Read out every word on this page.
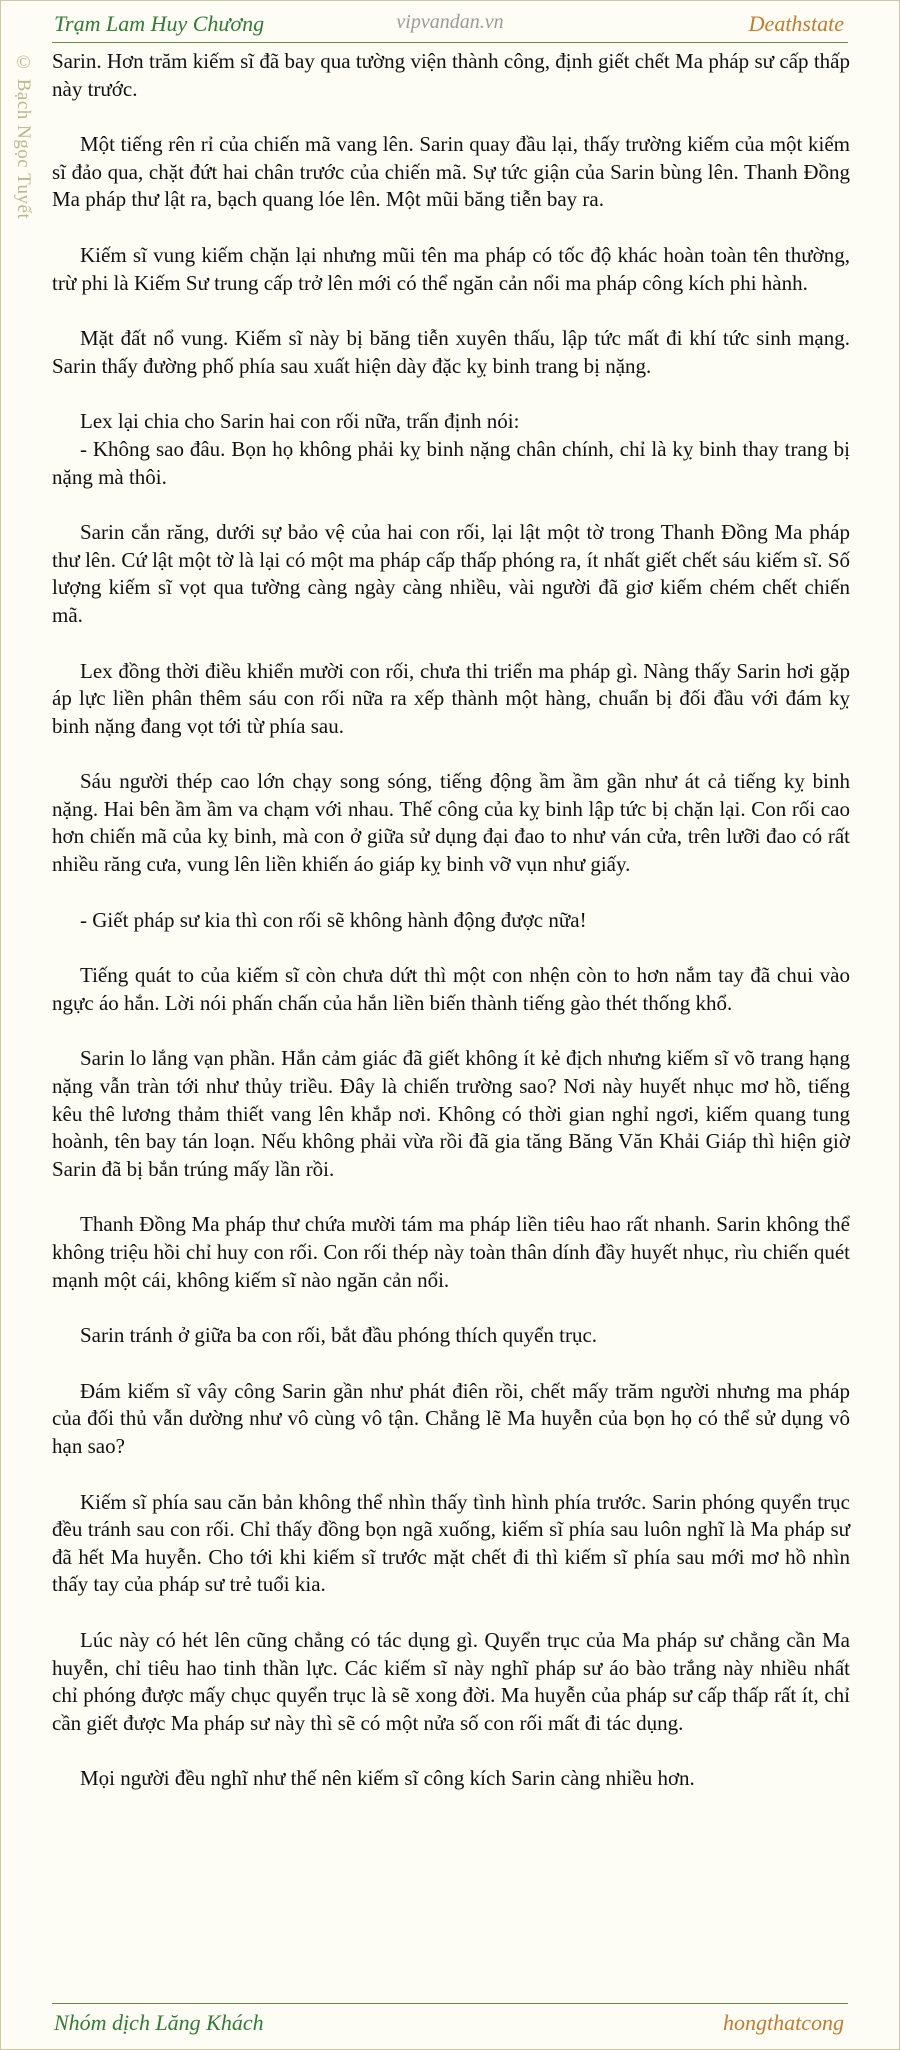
Trạm Lam Huy Chương	vipvandan.vn	Deathstate
© Bạch Ngọc Tuyết Sarin. Hơn trăm kiếm sĩ đã bay qua tường viện thành công, định giết chết Ma pháp sư cấp thấp này trước.

Một tiếng rên rỉ của chiến mã vang lên. Sarin quay đầu lại, thấy trường kiếm của một kiếm sĩ đảo qua, chặt đứt hai chân trước của chiến mã. Sự tức giận của Sarin bùng lên. Thanh Đồng Ma pháp thư lật ra, bạch quang lóe lên. Một mũi băng tiễn bay ra.

Kiếm sĩ vung kiếm chặn lại nhưng mũi tên ma pháp có tốc độ khác hoàn toàn tên thường, trừ phi là Kiếm Sư trung cấp trở lên mới có thể ngăn cản nổi ma pháp công kích phi hành.

Mặt đất nổ vung. Kiếm sĩ này bị băng tiễn xuyên thấu, lập tức mất đi khí tức sinh mạng. Sarin thấy đường phố phía sau xuất hiện dày đặc kỵ binh trang bị nặng.

Lex lại chia cho Sarin hai con rối nữa, trấn định nói:
- Không sao đâu. Bọn họ không phải kỵ binh nặng chân chính, chỉ là kỵ binh thay trang bị nặng mà thôi.

Sarin cắn răng, dưới sự bảo vệ của hai con rối, lại lật một tờ trong Thanh Đồng Ma pháp thư lên. Cứ lật một tờ là lại có một ma pháp cấp thấp phóng ra, ít nhất giết chết sáu kiếm sĩ. Số lượng kiếm sĩ vọt qua tường càng ngày càng nhiều, vài người đã giơ kiếm chém chết chiến mã.

Lex đồng thời điều khiển mười con rối, chưa thi triển ma pháp gì. Nàng thấy Sarin hơi gặp áp lực liền phân thêm sáu con rối nữa ra xếp thành một hàng, chuẩn bị đối đầu với đám kỵ binh nặng đang vọt tới từ phía sau.

Sáu người thép cao lớn chạy song sóng, tiếng động ầm ầm gần như át cả tiếng kỵ binh nặng. Hai bên ầm ầm va chạm với nhau. Thế công của kỵ binh lập tức bị chặn lại. Con rối cao hơn chiến mã của kỵ binh, mà con ở giữa sử dụng đại đao to như ván cửa, trên lưỡi đao có rất nhiều răng cưa, vung lên liền khiến áo giáp kỵ binh vỡ vụn như giấy.

- Giết pháp sư kia thì con rối sẽ không hành động được nữa!

Tiếng quát to của kiếm sĩ còn chưa dứt thì một con nhện còn to hơn nắm tay đã chui vào ngực áo hắn. Lời nói phấn chấn của hắn liền biến thành tiếng gào thét thống khổ.

Sarin lo lắng vạn phần. Hắn cảm giác đã giết không ít kẻ địch nhưng kiếm sĩ võ trang hạng nặng vẫn tràn tới như thủy triều. Đây là chiến trường sao? Nơi này huyết nhục mơ hồ, tiếng kêu thê lương thảm thiết vang lên khắp nơi. Không có thời gian nghỉ ngơi, kiếm quang tung hoành, tên bay tán loạn. Nếu không phải vừa rồi đã gia tăng Băng Văn Khải Giáp thì hiện giờ Sarin đã bị bắn trúng mấy lần rồi.

Thanh Đồng Ma pháp thư chứa mười tám ma pháp liền tiêu hao rất nhanh. Sarin không thể không triệu hồi chỉ huy con rối. Con rối thép này toàn thân dính đầy huyết nhục, rìu chiến quét mạnh một cái, không kiếm sĩ nào ngăn cản nổi.

Sarin tránh ở giữa ba con rối, bắt đầu phóng thích quyển trục.

Đám kiếm sĩ vây công Sarin gần như phát điên rồi, chết mấy trăm người nhưng ma pháp của đối thủ vẫn dường như vô cùng vô tận. Chẳng lẽ Ma huyễn của bọn họ có thể sử dụng vô hạn sao?

Kiếm sĩ phía sau căn bản không thể nhìn thấy tình hình phía trước. Sarin phóng quyển trục đều tránh sau con rối. Chỉ thấy đồng bọn ngã xuống, kiếm sĩ phía sau luôn nghĩ là Ma pháp sư đã hết Ma huyễn. Cho tới khi kiếm sĩ trước mặt chết đi thì kiếm sĩ phía sau mới mơ hồ nhìn thấy tay của pháp sư trẻ tuổi kia.

Lúc này có hét lên cũng chẳng có tác dụng gì. Quyển trục của Ma pháp sư chẳng cần Ma huyễn, chỉ tiêu hao tinh thần lực. Các kiếm sĩ này nghĩ pháp sư áo bào trắng này nhiều nhất chỉ phóng được mấy chục quyển trục là sẽ xong đời. Ma huyễn của pháp sư cấp thấp rất ít, chỉ cần giết được Ma pháp sư này thì sẽ có một nửa số con rối mất đi tác dụng.

Mọi người đều nghĩ như thế nên kiếm sĩ công kích Sarin càng nhiều hơn.

Nhóm dịch Lăng Khách	hongthatcong
